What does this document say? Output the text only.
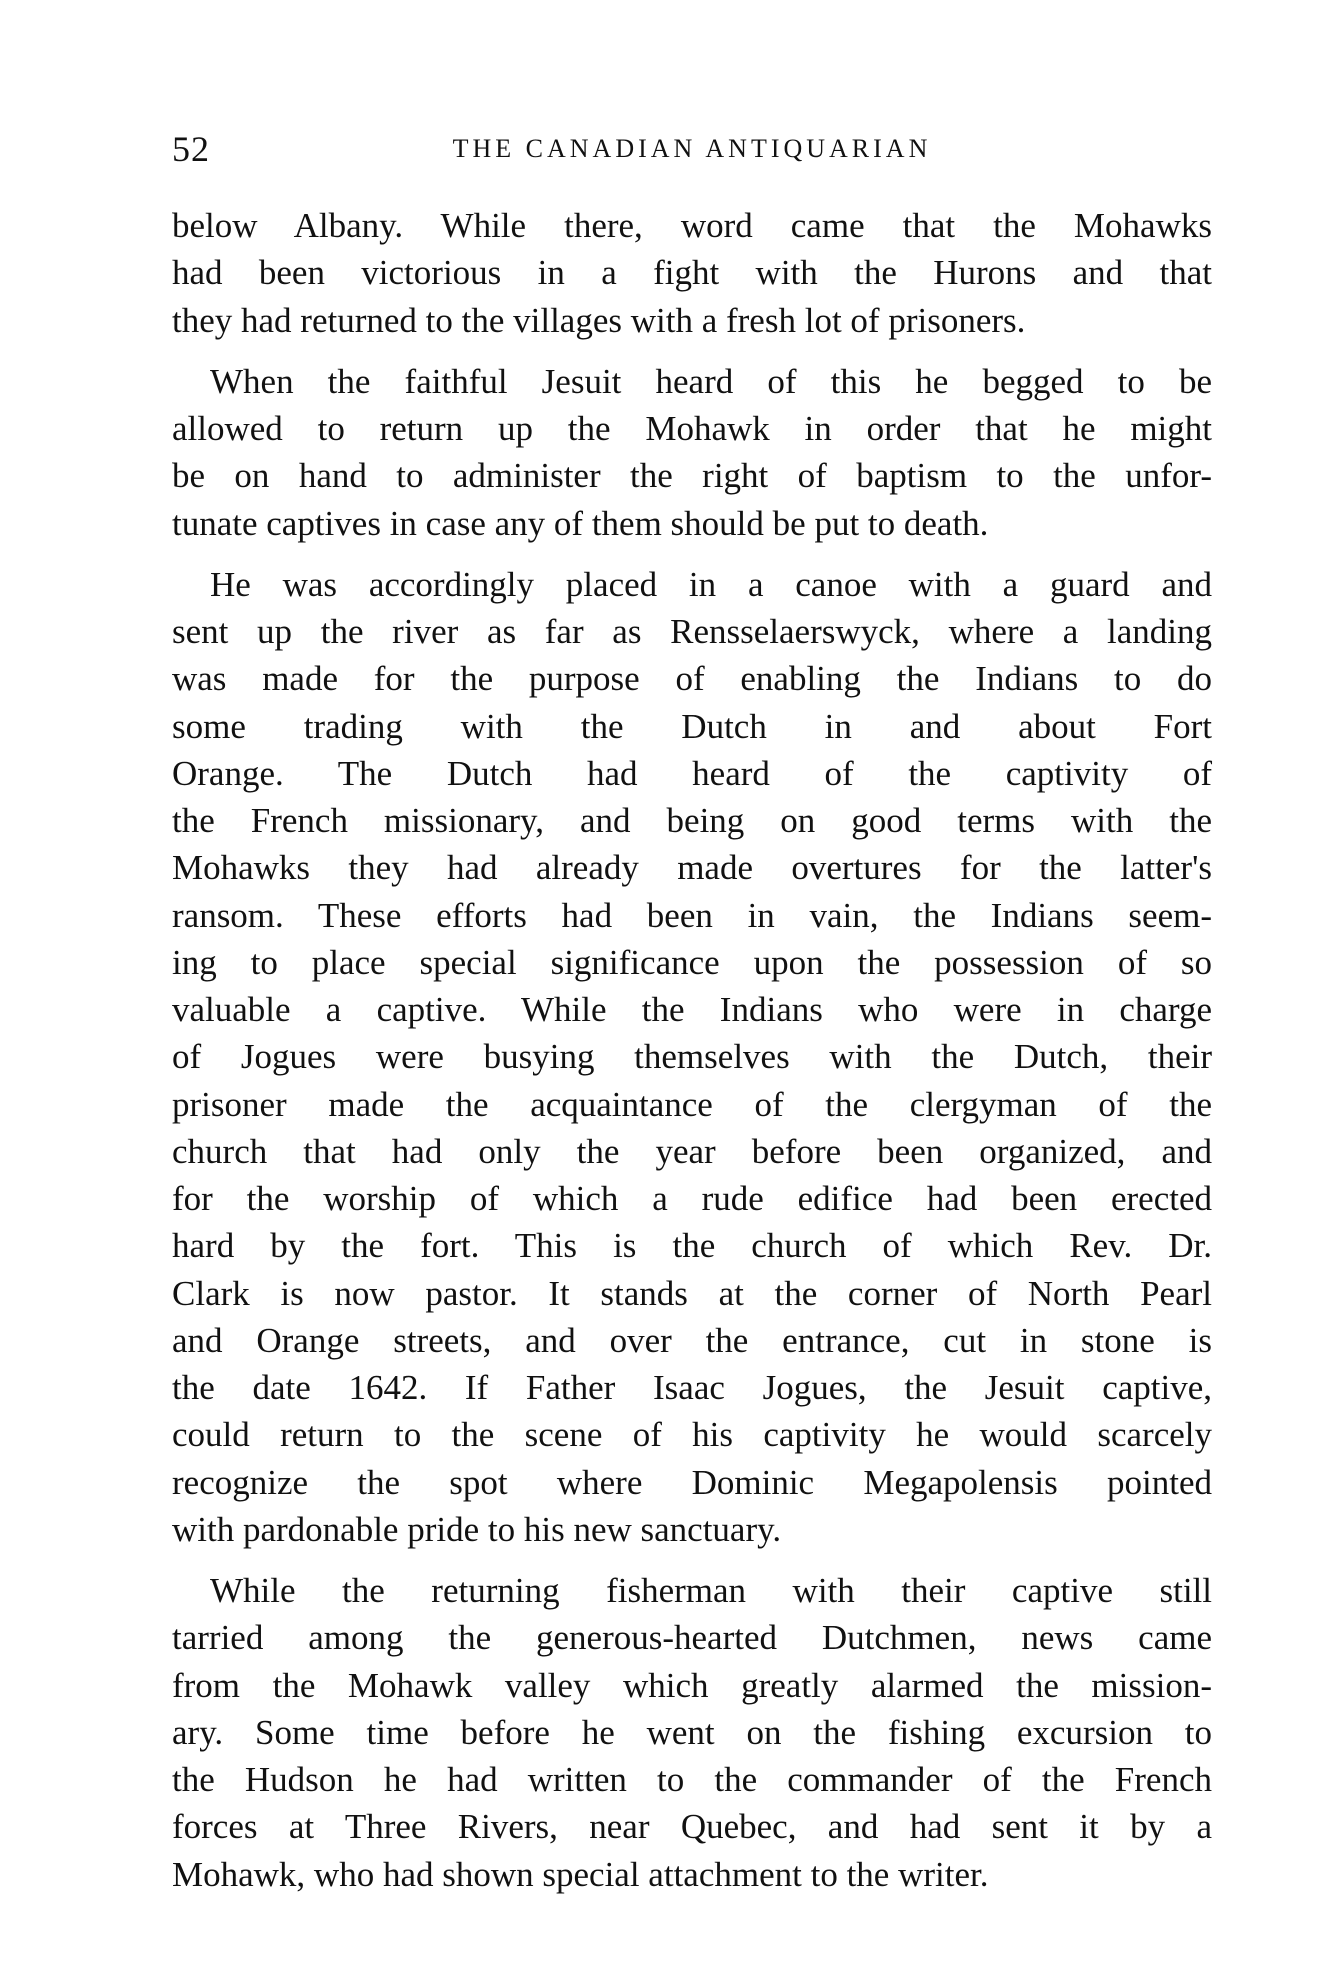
52	THE CANADIAN ANTIQUARIAN
below Albany. While there, word came that the Mohawks
had been victorious in a fight with the Hurons and that
they had returned to the villages with a fresh lot of prisoners.
When the faithful Jesuit heard of this he begged to be
allowed to return up the Mohawk in order that he might
be on hand to administer the right of baptism to the unfor-
tunate captives in case any of them should be put to death.
He was accordingly placed in a canoe with a guard and
sent up the river as far as Rensselaerswyck, where a landing
was made for the purpose of enabling the Indians to do
some trading with the Dutch in and about Fort
Orange. The Dutch had heard of the captivity of
the French missionary, and being on good terms with the
Mohawks they had already made overtures for the latter's
ransom. These efforts had been in vain, the Indians seem-
ing to place special significance upon the possession of so
valuable a captive. While the Indians who were in charge
of Jogues were busying themselves with the Dutch, their
prisoner made the acquaintance of the clergyman of the
church that had only the year before been organized, and
for the worship of which a rude edifice had been erected
hard by the fort. This is the church of which Rev. Dr.
Clark is now pastor. It stands at the corner of North Pearl
and Orange streets, and over the entrance, cut in stone is
the date 1642. If Father Isaac Jogues, the Jesuit captive,
could return to the scene of his captivity he would scarcely
recognize the spot where Dominic Megapolensis pointed
with pardonable pride to his new sanctuary.
While the returning fisherman with their captive still
tarried among the generous-hearted Dutchmen, news came
from the Mohawk valley which greatly alarmed the mission-
ary. Some time before he went on the fishing excursion to
the Hudson he had written to the commander of the French
forces at Three Rivers, near Quebec, and had sent it by a
Mohawk, who had shown special attachment to the writer.
